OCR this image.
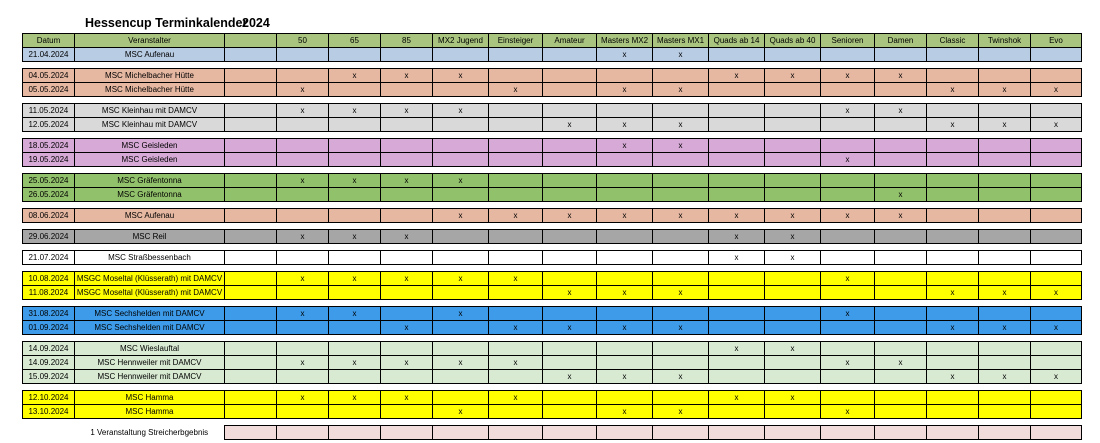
Hessencup Terminkalender
2024
Datum	Veranstalter		50	65	85	MX2 Jugend	Einsteiger	Amateur	Masters MX2	Masters MX1	Quads ab 14	Quads ab 40	Senioren	Damen	Classic	Twinshok	Evo
21.04.2024	MSC Aufenau								x	x							

04.05.2024	MSC Michelbacher Hütte			x	x	x					x	x	x	x			
05.05.2024	MSC Michelbacher Hütte		x				x		x	x					x	x	x

11.05.2024	MSC Kleinhau mit DAMCV		x	x	x	x							x	x			
12.05.2024	MSC Kleinhau mit DAMCV							x	x	x					x	x	x

18.05.2024	MSC Geisleden								x	x							
19.05.2024	MSC Geisleden												x				

25.05.2024	MSC Gräfentonna		x	x	x	x											
26.05.2024	MSC Gräfentonna													x			

08.06.2024	MSC Aufenau					x	x	x	x	x	x	x	x	x			

29.06.2024	MSC Reil		x	x	x						x	x					

21.07.2024	MSC Straßbessenbach										x	x					

10.08.2024	MSGC Moseltal (Klüsserath) mit DAMCV		x	x	x	x	x						x				
11.08.2024	MSGC Moseltal (Klüsserath) mit DAMCV							x	x	x					x	x	x

31.08.2024	MSC Sechshelden mit DAMCV		x	x		x							x				
01.09.2024	MSC Sechshelden mit DAMCV				x		x	x	x	x					x	x	x

14.09.2024	MSC Wieslauftal										x	x					
14.09.2024	MSC Hennweiler mit DAMCV		x	x	x	x	x						x	x			
15.09.2024	MSC Hennweiler mit DAMCV							x	x	x					x	x	x

12.10.2024	MSC Hamma		x	x	x		x				x	x					
13.10.2024	MSC Hamma					x			x	x			x				

	1 Veranstaltung Streicherbgebnis																
